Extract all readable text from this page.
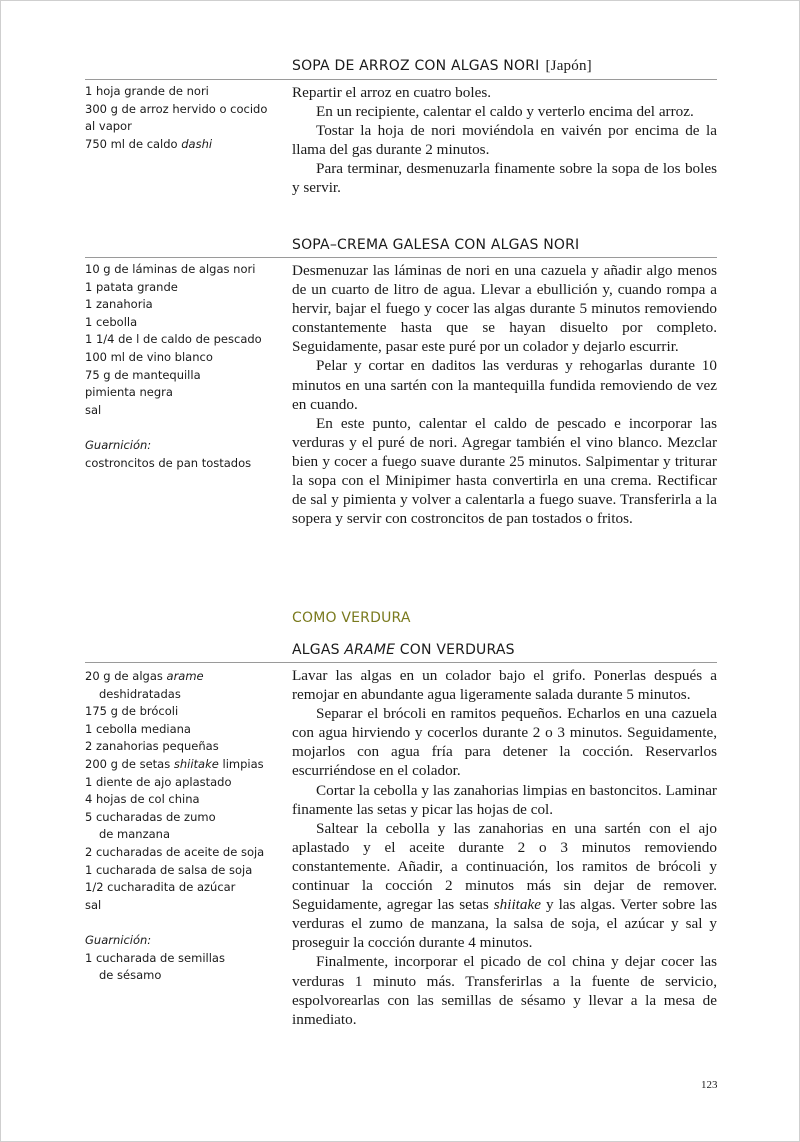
SOPA DE ARROZ CON ALGAS NORI [Japón]
1 hoja grande de nori
300 g de arroz hervido o cocido
al vapor
750 ml de caldo dashi

Repartir el arroz en cuatro boles.

En un recipiente, calentar el caldo y verterlo encima del arroz.

Tostar la hoja de nori moviéndola en vaivén por encima de la llama del gas durante 2 minutos.

Para terminar, desmenuzarla finamente sobre la sopa de los boles y servir.

SOPA–CREMA GALESA CON ALGAS NORI
10 g de láminas de algas nori
1 patata grande
1 zanahoria
1 cebolla
1 1/4 de l de caldo de pescado
100 ml de vino blanco
75 g de mantequilla
pimienta negra
sal
Guarnición:
costroncitos de pan tostados

Desmenuzar las láminas de nori en una cazuela y añadir algo menos de un cuarto de litro de agua. Llevar a ebullición y, cuando rompa a hervir, bajar el fuego y cocer las algas durante 5 minutos removiendo constantemente hasta que se hayan disuelto por completo. Seguidamente, pasar este puré por un colador y dejarlo escurrir.

Pelar y cortar en daditos las verduras y rehogarlas durante 10 minutos en una sartén con la mantequilla fundida removiendo de vez en cuando.

En este punto, calentar el caldo de pescado e incorporar las verduras y el puré de nori. Agregar también el vino blanco. Mezclar bien y cocer a fuego suave durante 25 minutos. Salpimentar y triturar la sopa con el Minipimer hasta convertirla en una crema. Rectificar de sal y pimienta y volver a calentarla a fuego suave. Transferirla a la sopera y servir con costroncitos de pan tostados o fritos.

COMO VERDURA
ALGAS ARAME CON VERDURAS
20 g de algas arame
deshidratadas
175 g de brócoli
1 cebolla mediana
2 zanahorias pequeñas
200 g de setas shiitake limpias
1 diente de ajo aplastado
4 hojas de col china
5 cucharadas de zumo
de manzana
2 cucharadas de aceite de soja
1 cucharada de salsa de soja
1/2 cucharadita de azúcar
sal
Guarnición:
1 cucharada de semillas
de sésamo

Lavar las algas en un colador bajo el grifo. Ponerlas después a remojar en abundante agua ligeramente salada durante 5 minutos.

Separar el brócoli en ramitos pequeños. Echarlos en una cazuela con agua hirviendo y cocerlos durante 2 o 3 minutos. Seguidamente, mojarlos con agua fría para detener la cocción. Reservarlos escurriéndose en el colador.

Cortar la cebolla y las zanahorias limpias en bastoncitos. Laminar finamente las setas y picar las hojas de col.

Saltear la cebolla y las zanahorias en una sartén con el ajo aplastado y el aceite durante 2 o 3 minutos removiendo constantemente. Añadir, a continuación, los ramitos de brócoli y continuar la cocción 2 minutos más sin dejar de remover. Seguidamente, agregar las setas shiitake y las algas. Verter sobre las verduras el zumo de manzana, la salsa de soja, el azúcar y sal y proseguir la cocción durante 4 minutos.

Finalmente, incorporar el picado de col china y dejar cocer las verduras 1 minuto más. Transferirlas a la fuente de servicio, espolvorearlas con las semillas de sésamo y llevar a la mesa de inmediato.

123
